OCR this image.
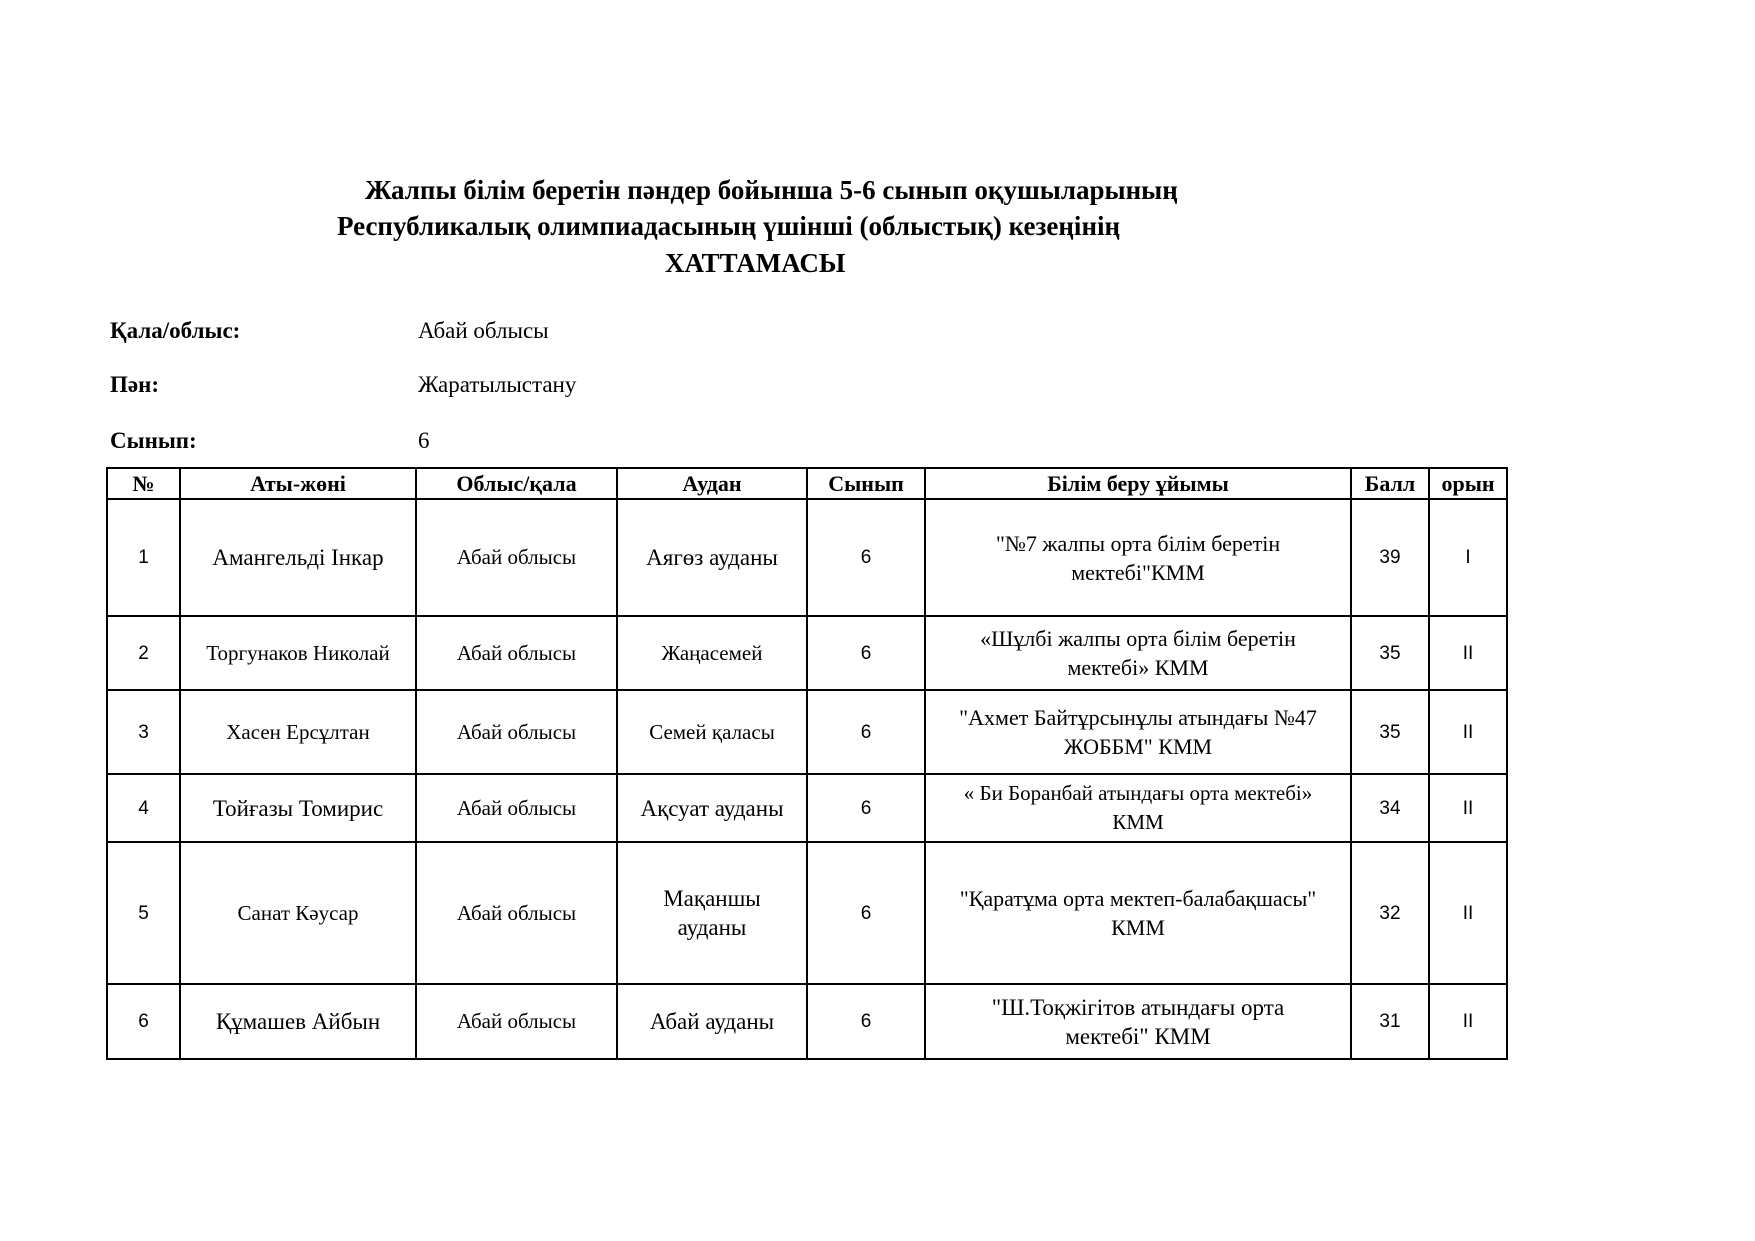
Жалпы білім беретін пәндер бойынша 5-6 сынып оқушыларының
Республикалық олимпиадасының үшінші (облыстық) кезеңінің
ХАТТАМАСЫ
Қала/облыс:	Абай облысы
Пән:	Жаратылыстану
Сынып:	6
№	Аты-жөні	Облыс/қала	Аудан	Сынып	Білім беру ұйымы	Балл	орын
1	Амангельді Інкар	Абай облысы	Аягөз ауданы	6	"№7 жалпы орта білім беретін мектебі"КММ	39	I
2	Торгунаков Николай	Абай облысы	Жаңасемей	6	«Шұлбі жалпы орта білім беретін мектебі» КММ	35	II
3	Хасен Ерсұлтан	Абай облысы	Семей қаласы	6	"Ахмет Байтұрсынұлы атындағы №47 ЖОББМ" КММ	35	II
4	Тойғазы Томирис	Абай облысы	Ақсуат ауданы	6	« Би Боранбай атындағы орта мектебі» КММ	34	II
5	Санат Кәусар	Абай облысы	Мақаншы ауданы	6	"Қаратұма орта мектеп-балабақшасы" КММ	32	II
6	Құмашев Айбын	Абай облысы	Абай ауданы	6	"Ш.Тоқжігітов атындағы орта мектебі" КММ	31	II
